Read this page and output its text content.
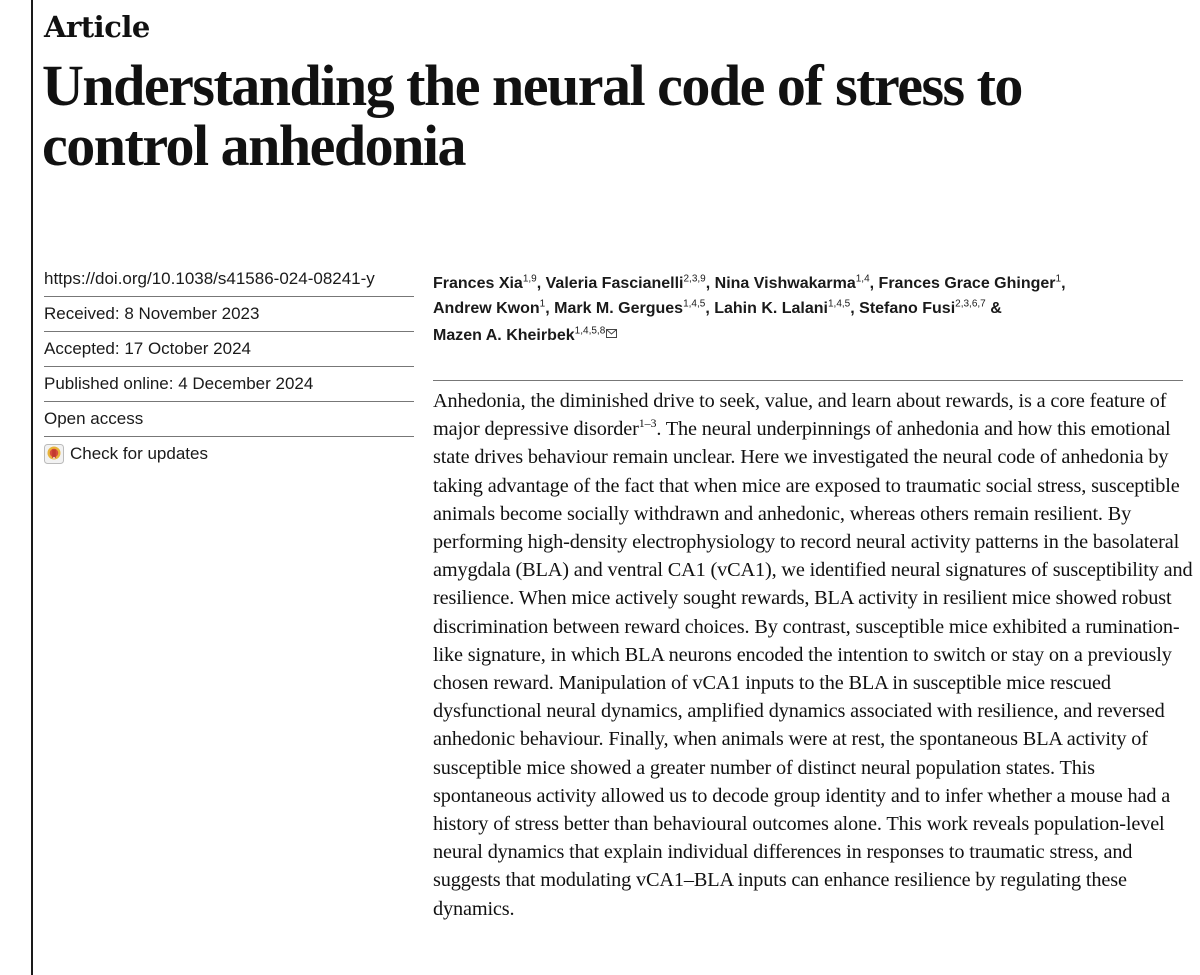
Article
Understanding the neural code of stress to control anhedonia
https://doi.org/10.1038/s41586-024-08241-y
Received: 8 November 2023
Accepted: 17 October 2024
Published online: 4 December 2024
Open access
Check for updates
Frances Xia$^{1,9}$, Valeria Fascianelli$^{2,3,9}$, Nina Vishwakarma$^{1,4}$, Frances Grace Ghinger$^1$,
Andrew Kwon$^1$, Mark M. Gergues$^{1,4,5}$, Lahin K. Lalani$^{1,4,5}$, Stefano Fusi$^{2,3,6,7}$ &
Mazen A. Kheirbek$^{1,4,5,8}$
Anhedonia, the diminished drive to seek, value, and learn about rewards, is a core feature of major depressive disorder$^{1-3}$. The neural underpinnings of anhedonia and how this emotional state drives behaviour remain unclear. Here we investigated the neural code of anhedonia by taking advantage of the fact that when mice are exposed to traumatic social stress, susceptible animals become socially withdrawn and anhedonic, whereas others remain resilient. By performing high-density electrophysiology to record neural activity patterns in the basolateral amygdala (BLA) and ventral CA1 (vCA1), we identified neural signatures of susceptibility and resilience. When mice actively sought rewards, BLA activity in resilient mice showed robust discrimination between reward choices. By contrast, susceptible mice exhibited a rumination-like signature, in which BLA neurons encoded the intention to switch or stay on a previously chosen reward. Manipulation of vCA1 inputs to the BLA in susceptible mice rescued dysfunctional neural dynamics, amplified dynamics associated with resilience, and reversed anhedonic behaviour. Finally, when animals were at rest, the spontaneous BLA activity of susceptible mice showed a greater number of distinct neural population states. This spontaneous activity allowed us to decode group identity and to infer whether a mouse had a history of stress better than behavioural outcomes alone. This work reveals population-level neural dynamics that explain individual differences in responses to traumatic stress, and suggests that modulating vCA1–BLA inputs can enhance resilience by regulating these dynamics.
